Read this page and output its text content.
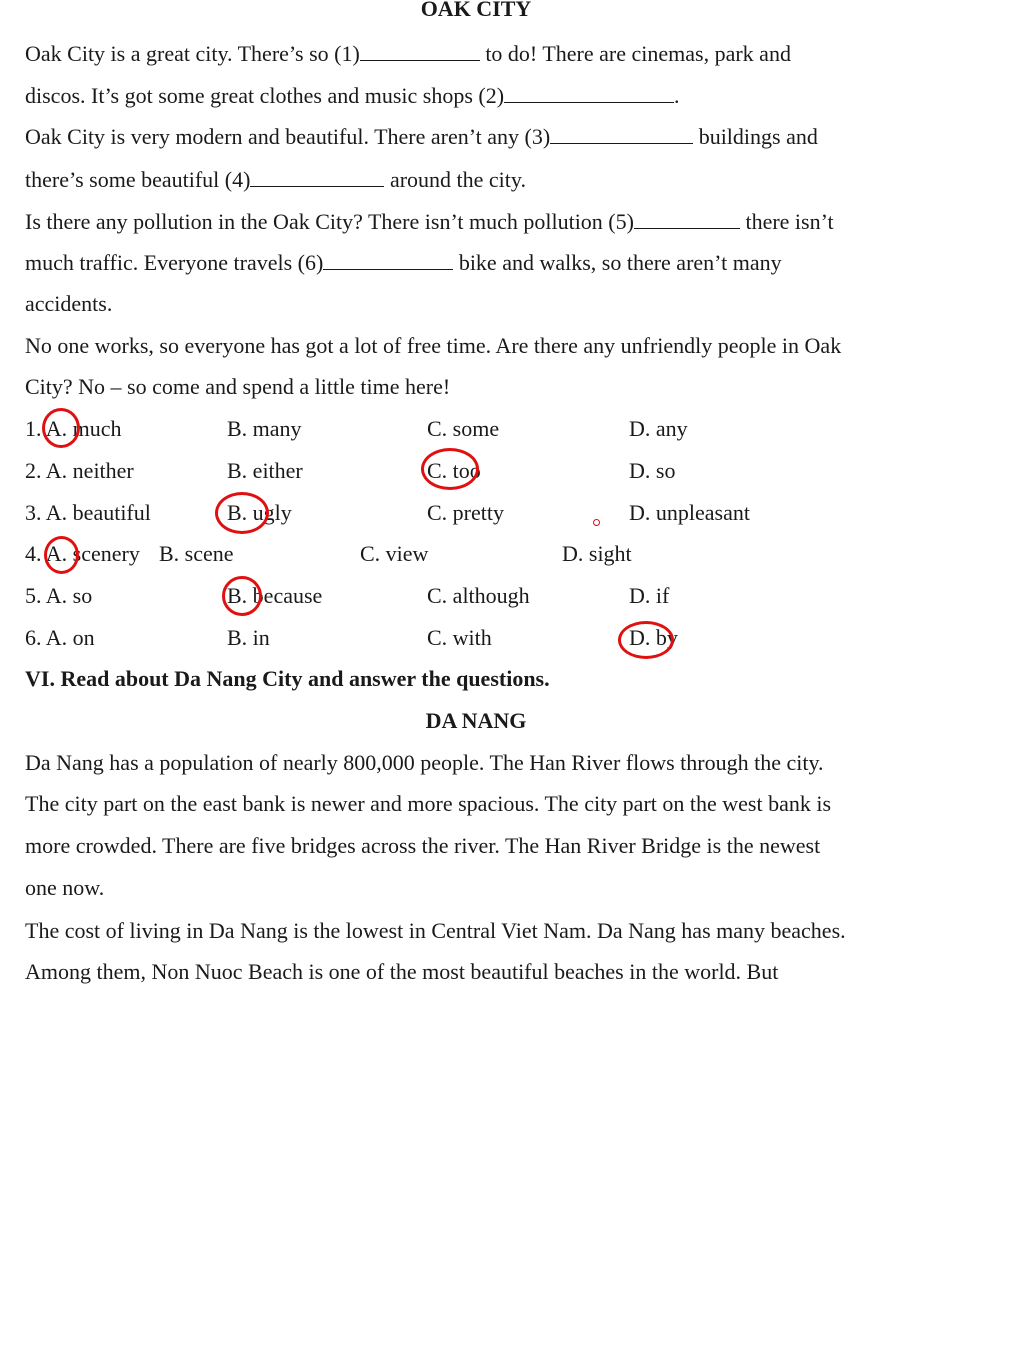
OAK CITY
Oak City is a great city. There’s so (1)	to do! There are cinemas, park and
discos. It’s got some great clothes and music shops (2)	.
Oak City is very modern and beautiful. There aren’t any (3)	buildings and
there’s some beautiful (4)	around the city.
Is there any pollution in the Oak City? There isn’t much pollution (5)	there isn’t
much traffic. Everyone travels (6)	bike and walks, so there aren’t many
accidents.
No one works, so everyone has got a lot of free time. Are there any unfriendly people in Oak
City? No – so come and spend a little time here!
1. A. much	B. many	C. some	D. any
2. A. neither	B. either	C. too	D. so
3. A. beautiful	B. ugly	C. pretty	D. unpleasant
4. A. scenery B. scene	C. view	D. sight
5. A. so	B. because	C. although	D. if
6. A. on	B. in	C. with	D. by
VI. Read about Da Nang City and answer the questions.
DA NANG
Da Nang has a population of nearly 800,000 people. The Han River flows through the city.
The city part on the east bank is newer and more spacious. The city part on the west bank is
more crowded. There are five bridges across the river. The Han River Bridge is the newest
one now.
The cost of living in Da Nang is the lowest in Central Viet Nam. Da Nang has many beaches.
Among them, Non Nuoc Beach is one of the most beautiful beaches in the world. But
